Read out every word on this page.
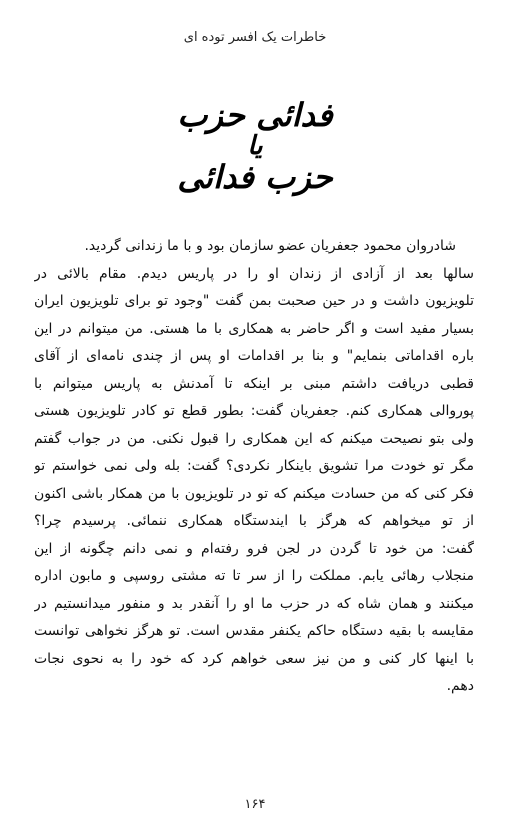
خاطرات یک افسر توده ای
فدائی حزب
یا
حزب فدائی
شادروان محمود جعفریان عضو سازمان بود و با ما زندانی گردید.
سالها بعد از آزادی از زندان او را در پاریس دیدم. مقام بالائی در
تلویزیون داشت و در حین صحبت بمن گفت "وجود تو برای تلویزیون ایران
بسیار مفید است و اگر حاضر به همکاری با ما هستی. من میتوانم در این
باره اقداماتی بنمایم" و بنا بر اقدامات او پس از چندی نامه‌ای از آقای
قطبی دریافت داشتم مبنی بر اینکه تا آمدنش به پاریس میتوانم با
پوروالی همکاری کنم. جعفریان گفت: بطور قطع تو کادر تلویزیون هستی
ولی بتو نصیحت میکنم که این همکاری را قبول نکنی. من در جواب گفتم
مگر تو خودت مرا تشویق باینکار نکردی؟ گفت: بله ولی نمی خواستم تو
فکر کنی که من حسادت میکنم که تو در تلویزیون با من همکار باشی اکنون
از تو میخواهم که هرگز با ایندستگاه همکاری ننمائی. پرسیدم چرا؟
گفت: من خود تا گردن در لجن فرو رفته‌ام و نمی دانم چگونه از این
منجلاب رهائی یابم. مملکت را از سر تا ته مشتی روسپی و مابون اداره
میکنند و همان شاه که در حزب ما او را آنقدر بد و منفور میدانستیم در
مقایسه با بقیه دستگاه حاکم یکنفر مقدس است. تو هرگز نخواهی توانست
با اینها کار کنی و من نیز سعی خواهم کرد که خود را به نحوی نجات
دهم.
۱۶۴
